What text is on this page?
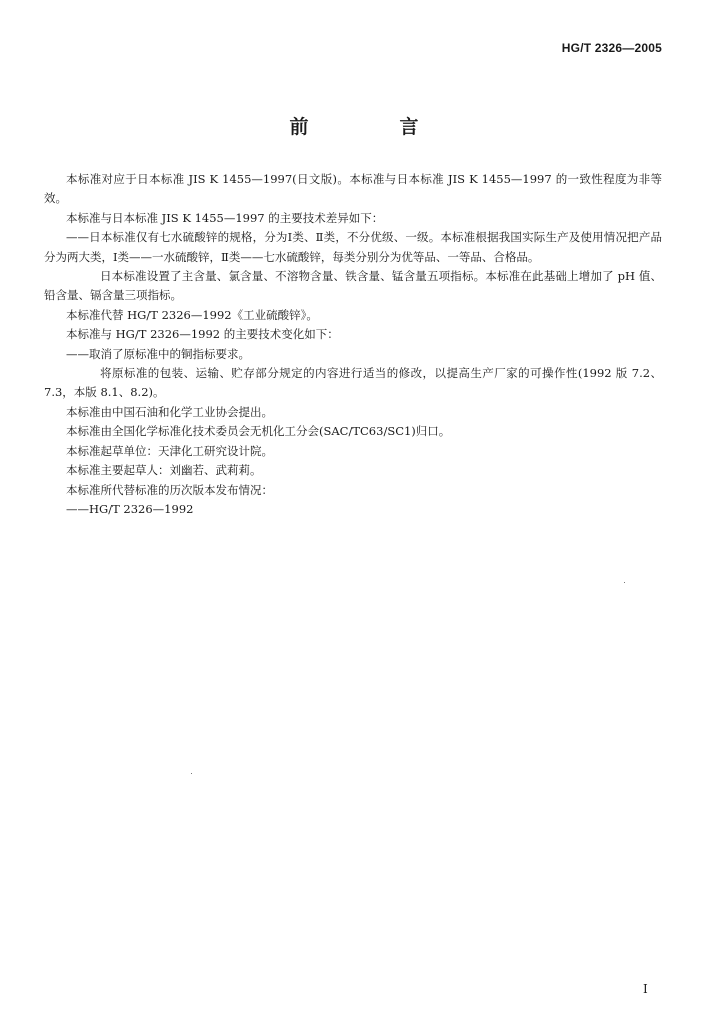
HG/T 2326—2005
前　言

本标准对应于日本标准 JIS K 1455—1997(日文版)。本标准与日本标准 JIS K 1455—1997 的一致性程度为非等效。

本标准与日本标准 JIS K 1455—1997 的主要技术差异如下：

——日本标准仅有七水硫酸锌的规格，分为Ⅰ类、Ⅱ类，不分优级、一级。本标准根据我国实际生产及使用情况把产品分为两大类，Ⅰ类——一水硫酸锌，Ⅱ类——七水硫酸锌，每类分别分为优等品、一等品、合格品。

日本标准设置了主含量、氯含量、不溶物含量、铁含量、锰含量五项指标。本标准在此基础上增加了 pH 值、铅含量、镉含量三项指标。

本标准代替 HG/T 2326—1992《工业硫酸锌》。

本标准与 HG/T 2326—1992 的主要技术变化如下：

——取消了原标准中的铜指标要求。

将原标准的包装、运输、贮存部分规定的内容进行适当的修改，以提高生产厂家的可操作性(1992 版 7.2、7.3，本版 8.1、8.2)。

本标准由中国石油和化学工业协会提出。

本标准由全国化学标准化技术委员会无机化工分会(SAC/TC63/SC1)归口。

本标准起草单位：天津化工研究设计院。

本标准主要起草人：刘幽若、武莉莉。

本标准所代替标准的历次版本发布情况：

——HG/T 2326—1992

I
